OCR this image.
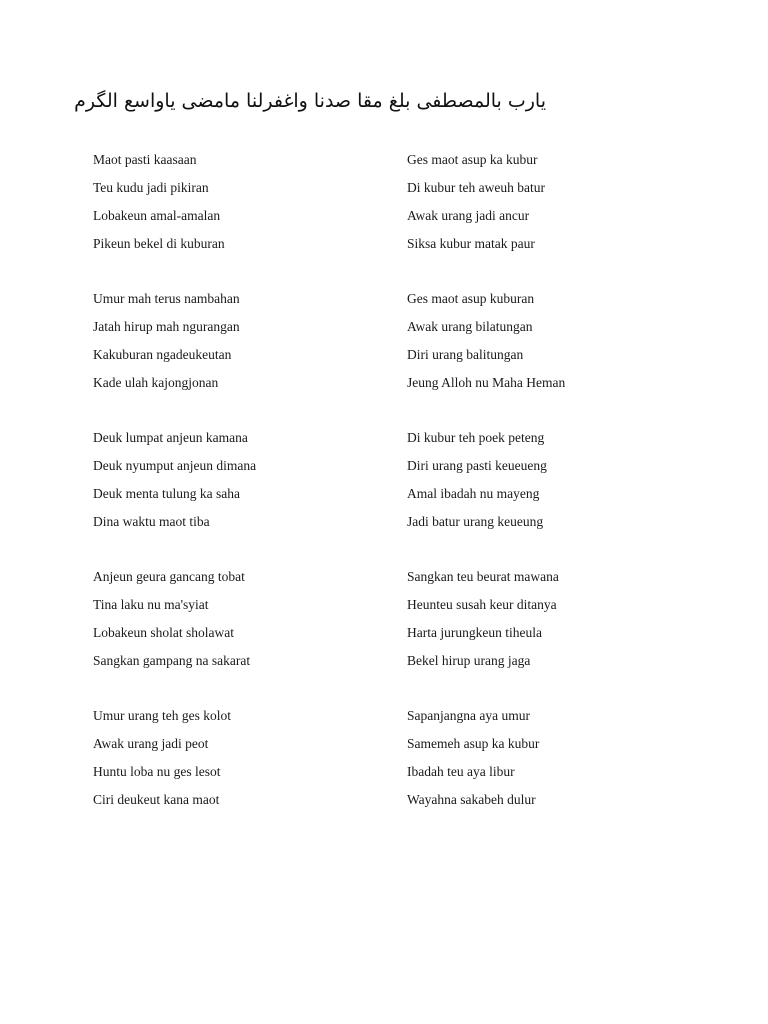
يارب بالمصطفى بلغ مقا صدنا واغفرلنا مامضى ياواسع الگرم
Maot pasti kaasaan
Teu kudu jadi pikiran
Lobakeun amal-amalan
Pikeun bekel di kuburan
Ges maot asup ka kubur
Di kubur teh aweuh batur
Awak urang jadi ancur
Siksa kubur matak paur
Umur mah terus nambahan
Jatah hirup mah ngurangan
Kakuburan ngadeukeutan
Kade ulah kajongjonan
Ges maot asup kuburan
Awak urang bilatungan
Diri urang balitungan
Jeung Alloh nu Maha Heman
Deuk lumpat anjeun kamana
Deuk nyumput anjeun dimana
Deuk menta tulung ka saha
Dina waktu maot tiba
Di kubur teh poek peteng
Diri urang pasti keueueng
Amal ibadah nu mayeng
Jadi batur urang keueung
Anjeun geura gancang tobat
Tina laku nu ma'syiat
Lobakeun sholat sholawat
Sangkan gampang na sakarat
Sangkan teu beurat mawana
Heunteu susah keur ditanya
Harta jurungkeun tiheula
Bekel hirup urang jaga
Umur urang teh ges kolot
Awak urang jadi peot
Huntu loba nu ges lesot
Ciri deukeut kana maot
Sapanjangna aya umur
Samemeh asup ka kubur
Ibadah teu aya libur
Wayahna sakabeh dulur
